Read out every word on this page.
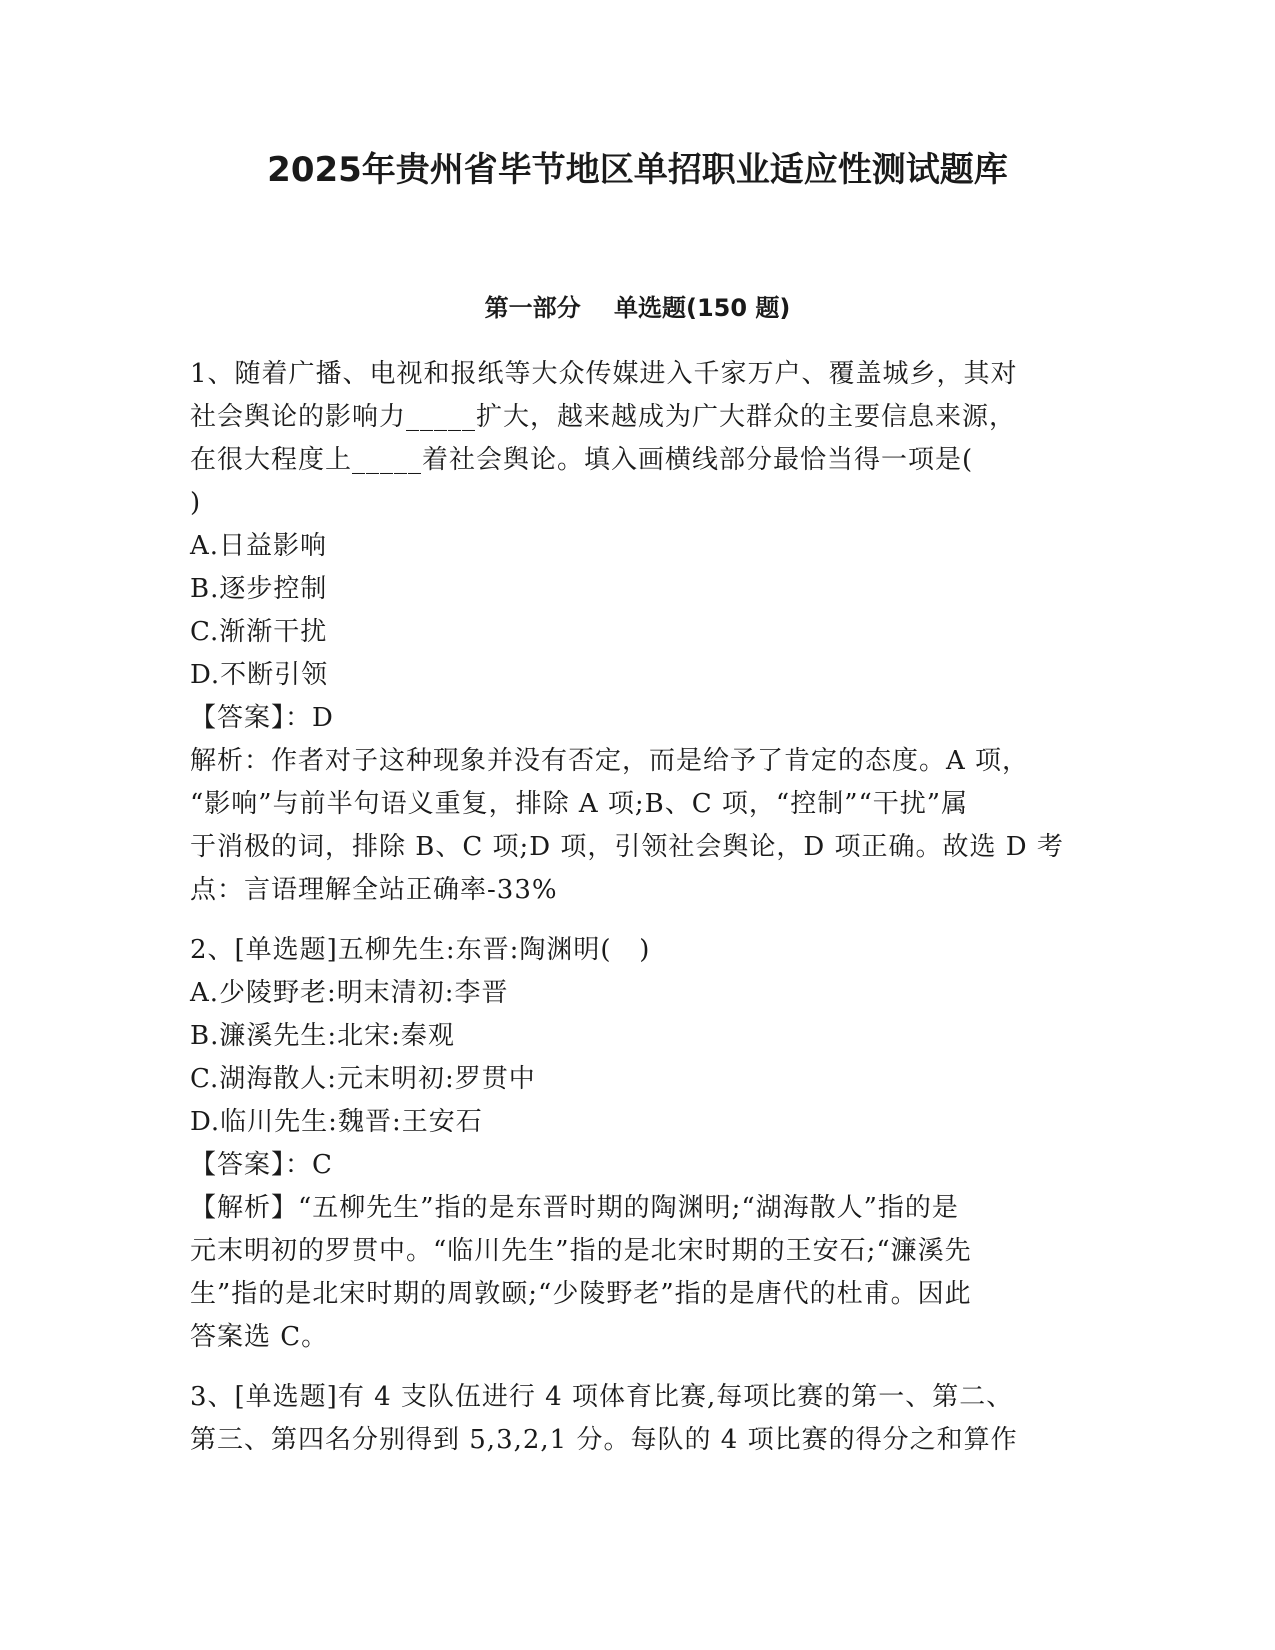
2025年贵州省毕节地区单招职业适应性测试题库
第一部分    单选题(150 题)
1、随着广播、电视和报纸等大众传媒进入千家万户、覆盖城乡，其对
社会舆论的影响力_____扩大，越来越成为广大群众的主要信息来源，
在很大程度上_____着社会舆论。填入画横线部分最恰当得一项是(
)
A.日益影响
B.逐步控制
C.渐渐干扰
D.不断引领
【答案】：D
解析：作者对子这种现象并没有否定，而是给予了肯定的态度。A 项，
“影响”与前半句语义重复，排除 A 项;B、C 项，“控制”“干扰”属
于消极的词，排除 B、C 项;D 项，引领社会舆论，D 项正确。故选 D 考
点：言语理解全站正确率-33%
2、[单选题]五柳先生:东晋:陶渊明(   )
A.少陵野老:明末清初:李晋
B.濂溪先生:北宋:秦观
C.湖海散人:元末明初:罗贯中
D.临川先生:魏晋:王安石
【答案】：C
【解析】“五柳先生”指的是东晋时期的陶渊明;“湖海散人”指的是
元末明初的罗贯中。“临川先生”指的是北宋时期的王安石;“濂溪先
生”指的是北宋时期的周敦颐;“少陵野老”指的是唐代的杜甫。因此
答案选 C。
3、[单选题]有 4 支队伍进行 4 项体育比赛,每项比赛的第一、第二、
第三、第四名分别得到 5,3,2,1 分。每队的 4 项比赛的得分之和算作
